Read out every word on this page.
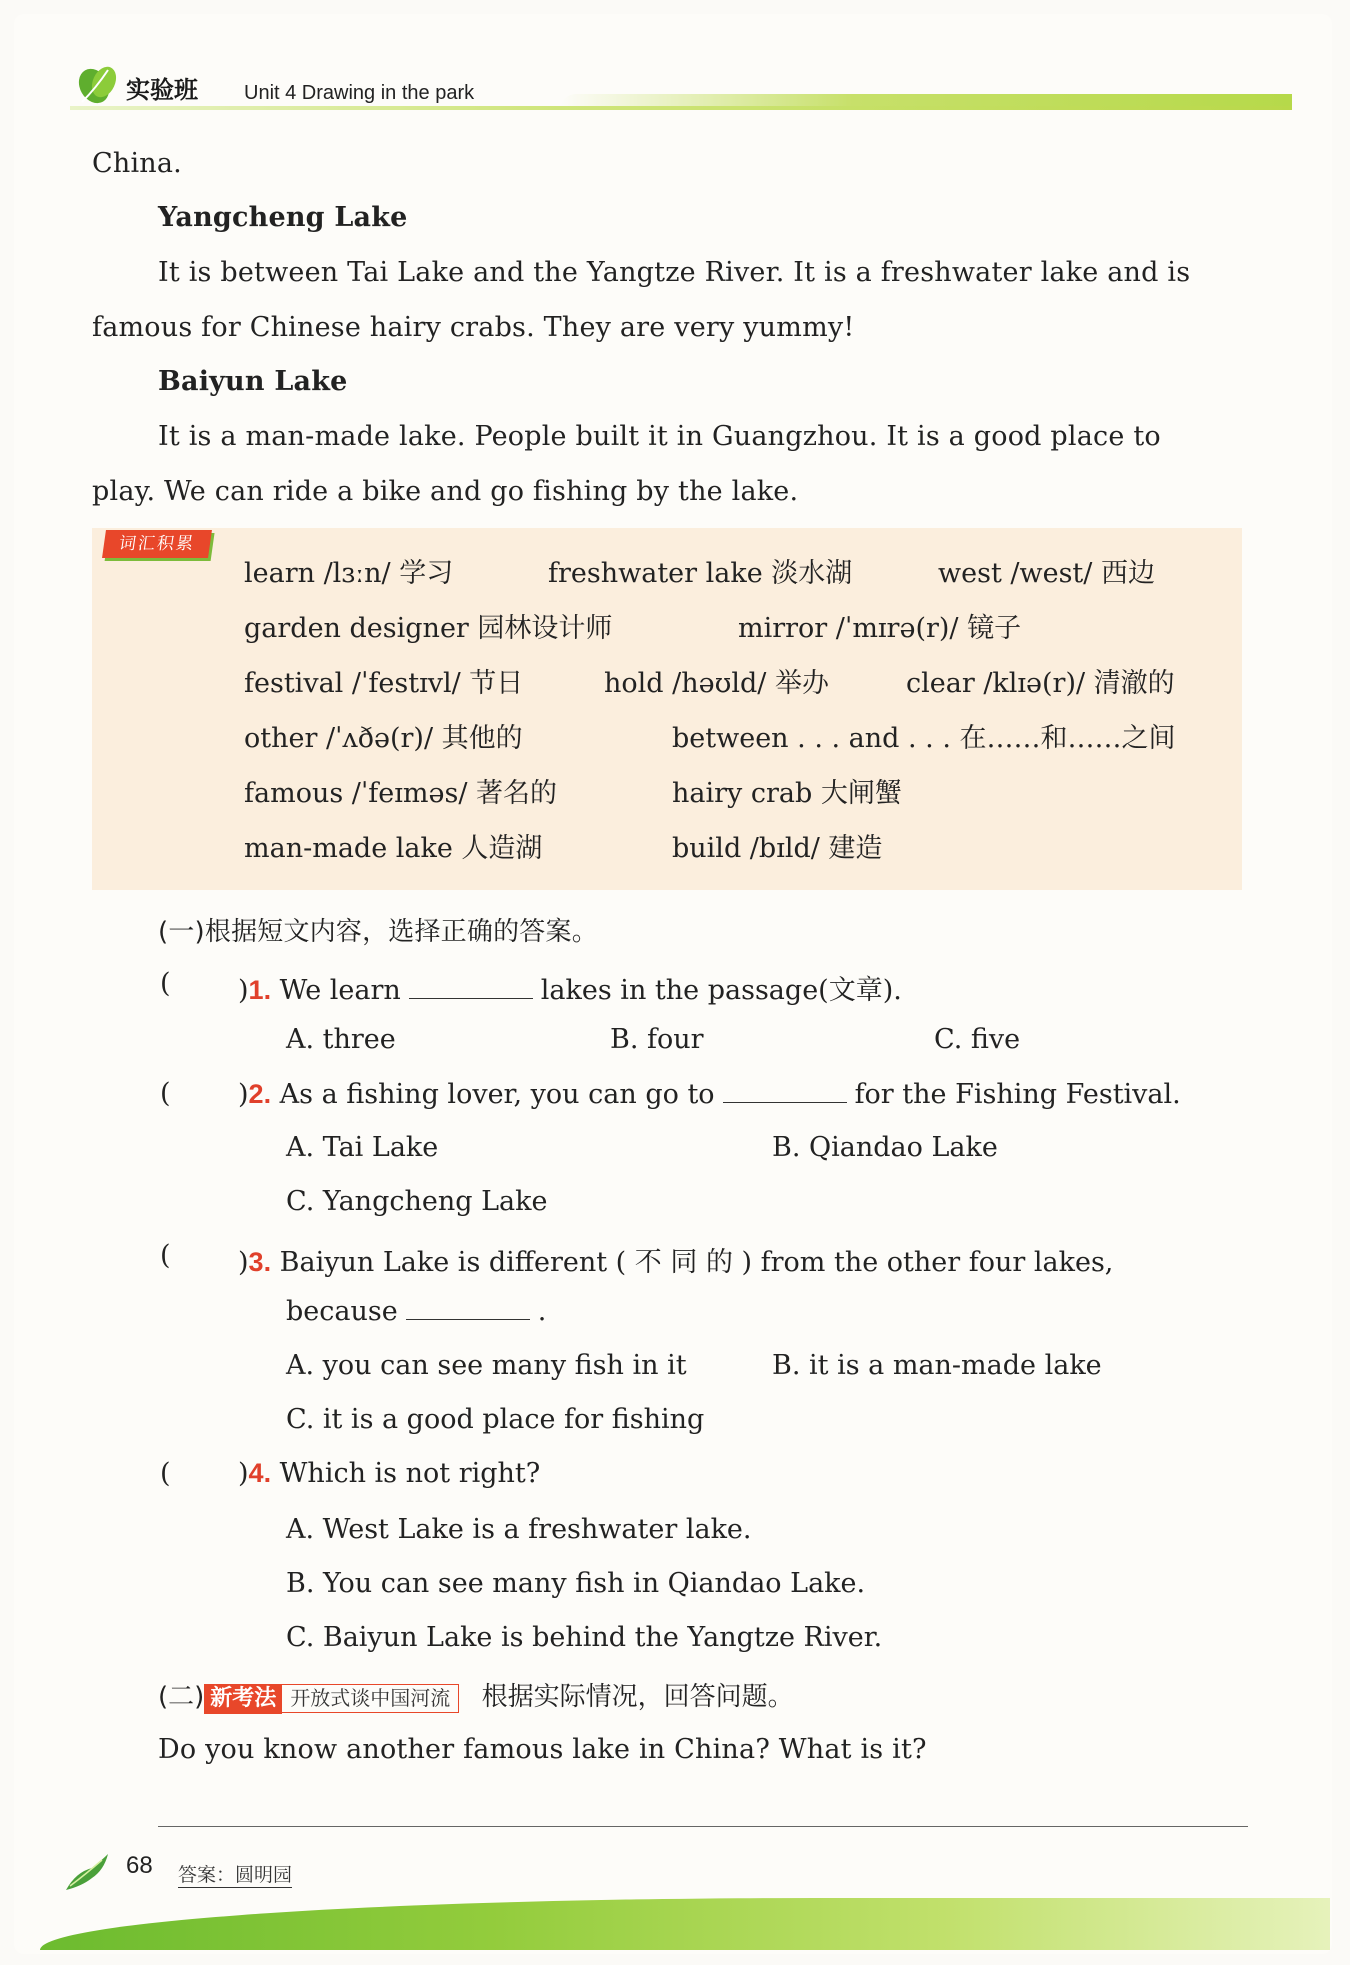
实验班 Unit 4 Drawing in the park
China.
Yangcheng Lake
It is between Tai Lake and the Yangtze River. It is a freshwater lake and is
famous for Chinese hairy crabs. They are very yummy!
Baiyun Lake
It is a man-made lake. People built it in Guangzhou. It is a good place to
play. We can ride a bike and go fishing by the lake.
词汇积累
learn /lɜːn/ 学习	freshwater lake 淡水湖	west /west/ 西边
garden designer 园林设计师	mirror /ˈmɪrə(r)/ 镜子
festival /ˈfestɪvl/ 节日	hold /həʊld/ 举办	clear /klɪə(r)/ 清澈的
other /ˈʌðə(r)/ 其他的	between . . . and . . . 在……和……之间
famous /ˈfeɪməs/ 著名的	hairy crab 大闸蟹
man-made lake 人造湖	build /bɪld/ 建造
(一)根据短文内容，选择正确的答案。
( )1. We learn	lakes in the passage(文章).
A. three	B. four	C. five
( )2. As a fishing lover, you can go to	for the Fishing Festival.
A. Tai Lake	B. Qiandao Lake
C. Yangcheng Lake
( )3. Baiyun Lake is different ( 不 同 的 ) from the other four lakes,
because	.
A. you can see many fish in it	B. it is a man-made lake
C. it is a good place for fishing
( )4. Which is not right?
A. West Lake is a freshwater lake.
B. You can see many fish in Qiandao Lake.
C. Baiyun Lake is behind the Yangtze River.
(二) 新考法 开放式谈中国河流 根据实际情况，回答问题。
Do you know another famous lake in China? What is it?
68 答案：圆明园
